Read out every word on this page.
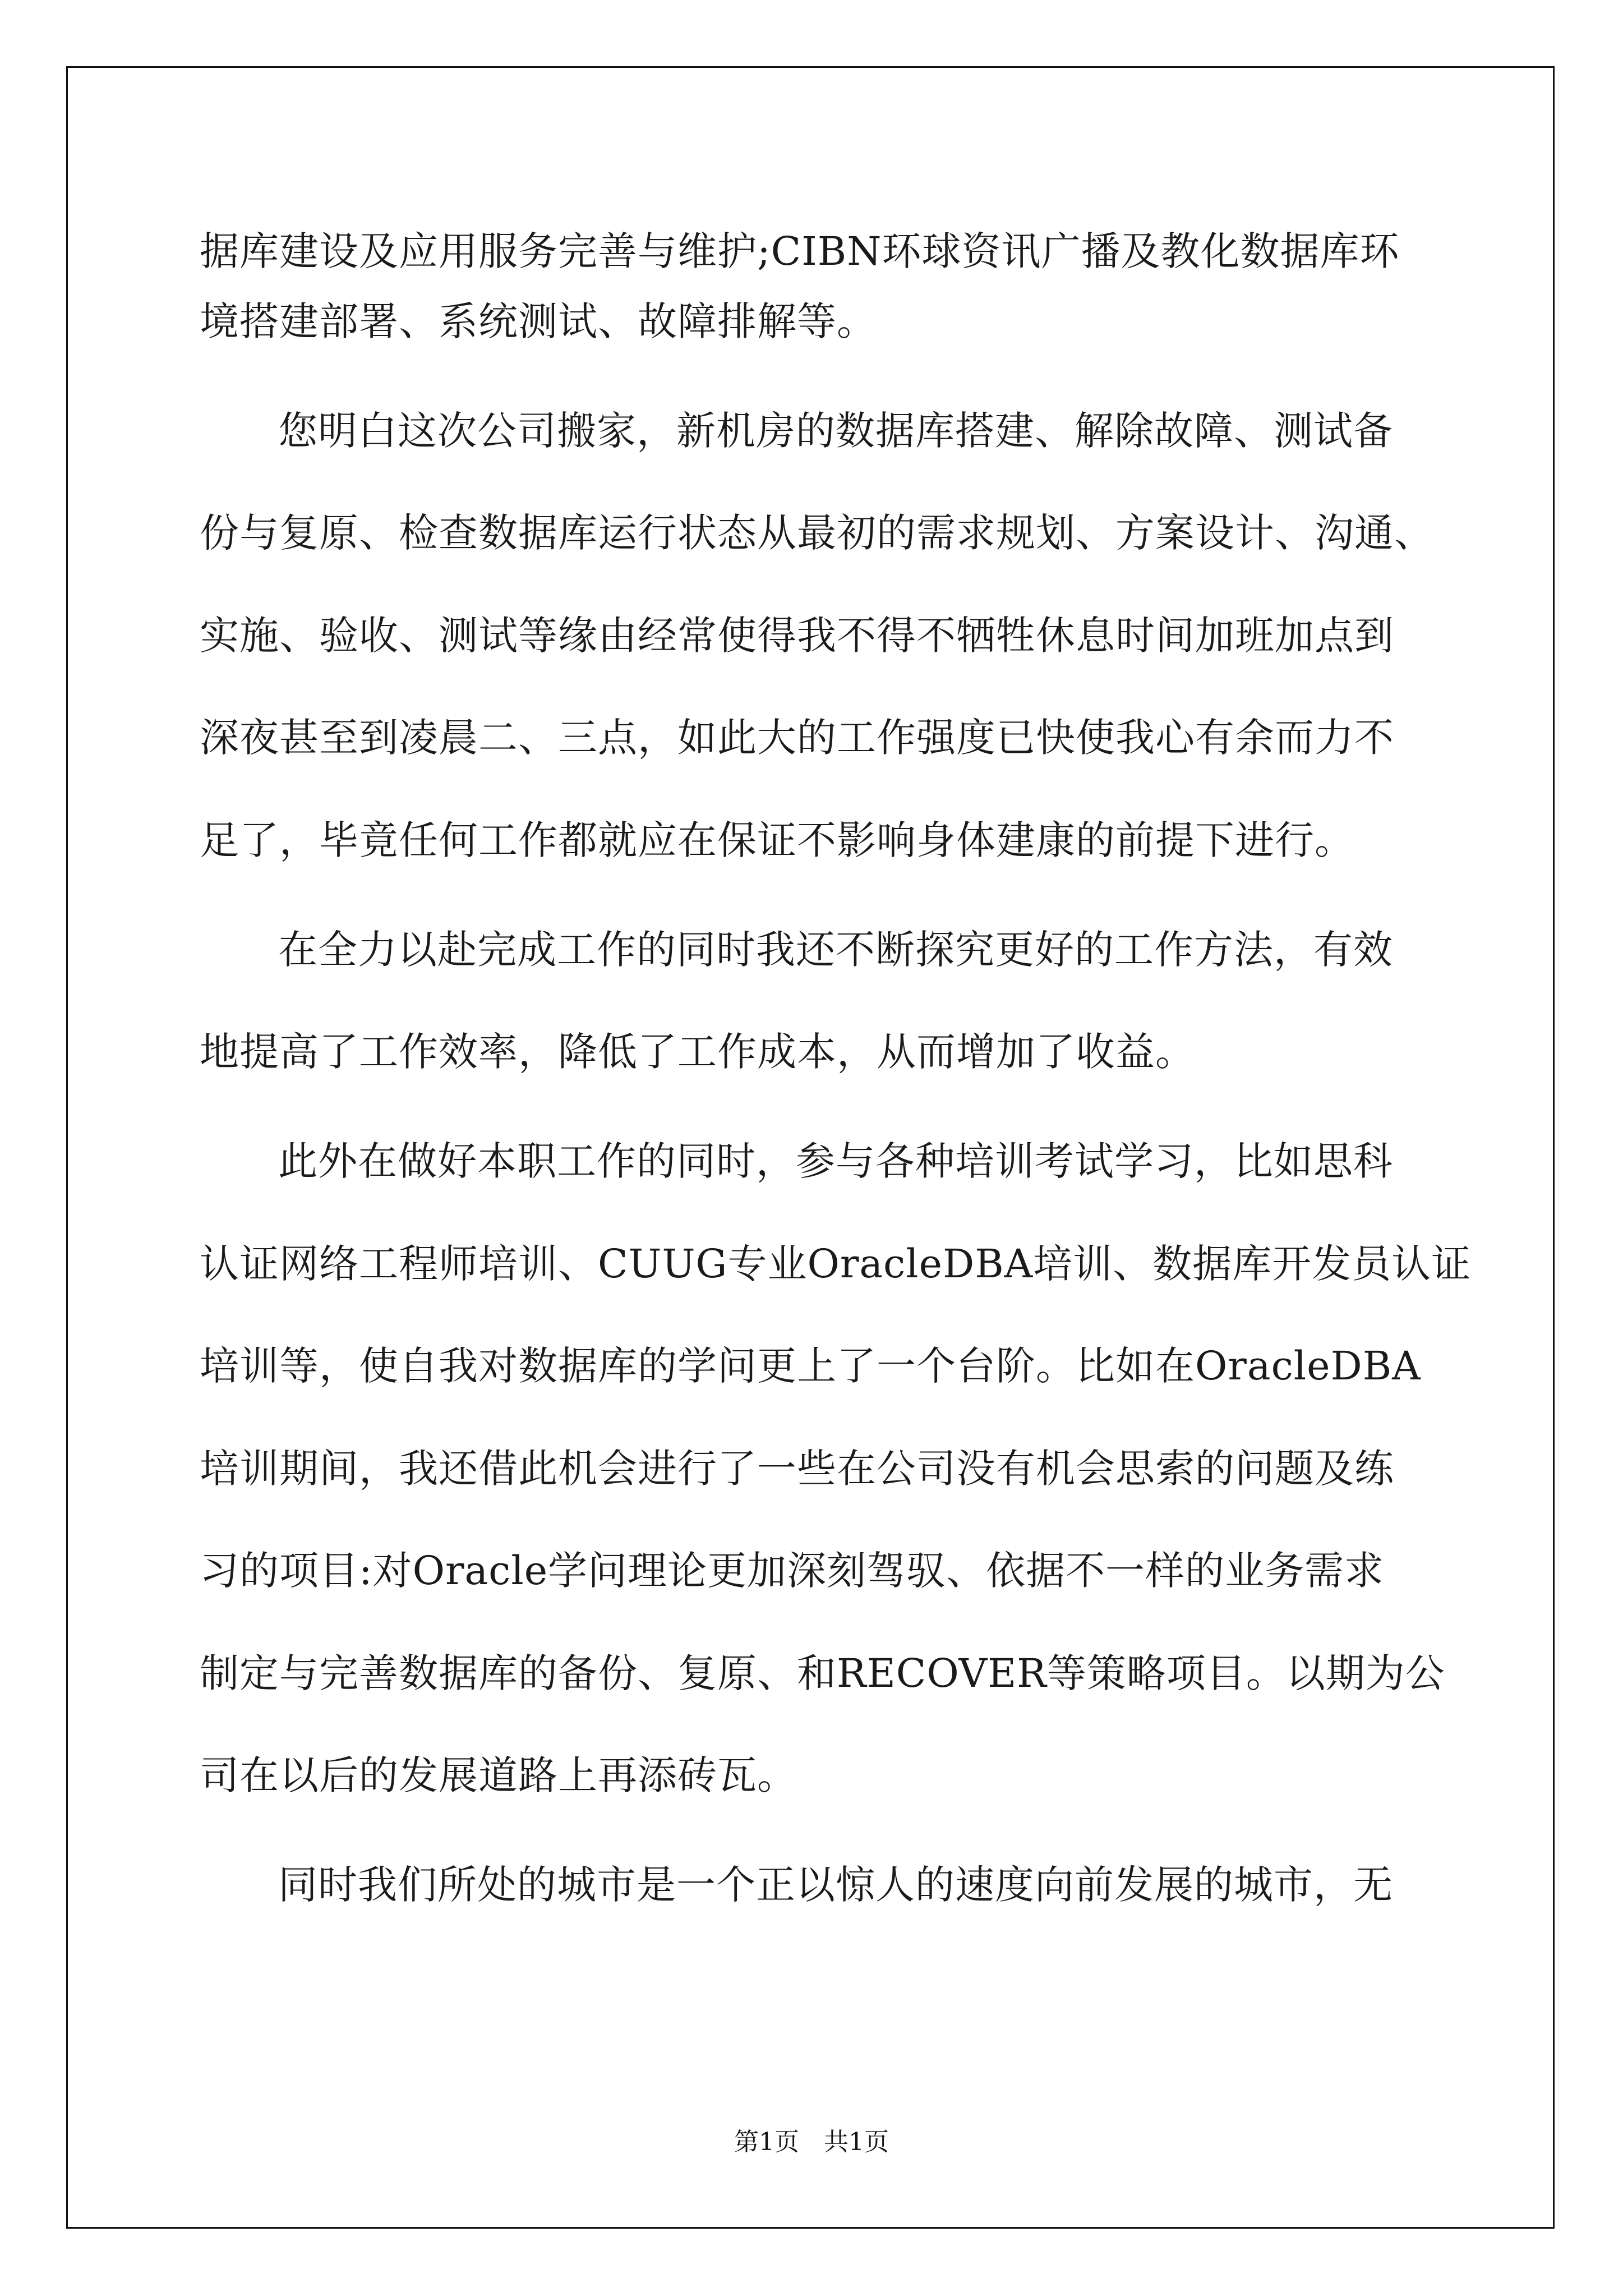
据库建设及应用服务完善与维护;CIBN环球资讯广播及教化数据库环
境搭建部署、系统测试、故障排解等。
您明白这次公司搬家，新机房的数据库搭建、解除故障、测试备
份与复原、检查数据库运行状态从最初的需求规划、方案设计、沟通、
实施、验收、测试等缘由经常使得我不得不牺牲休息时间加班加点到
深夜甚至到凌晨二、三点，如此大的工作强度已快使我心有余而力不
足了，毕竟任何工作都就应在保证不影响身体建康的前提下进行。
在全力以赴完成工作的同时我还不断探究更好的工作方法，有效
地提高了工作效率，降低了工作成本，从而增加了收益。
此外在做好本职工作的同时，参与各种培训考试学习，比如思科
认证网络工程师培训、CUUG专业OracleDBA培训、数据库开发员认证
培训等，使自我对数据库的学问更上了一个台阶。比如在OracleDBA
培训期间，我还借此机会进行了一些在公司没有机会思索的问题及练
习的项目:对Oracle学问理论更加深刻驾驭、依据不一样的业务需求
制定与完善数据库的备份、复原、和RECOVER等策略项目。以期为公
司在以后的发展道路上再添砖瓦。
同时我们所处的城市是一个正以惊人的速度向前发展的城市，无
第1页　共1页
